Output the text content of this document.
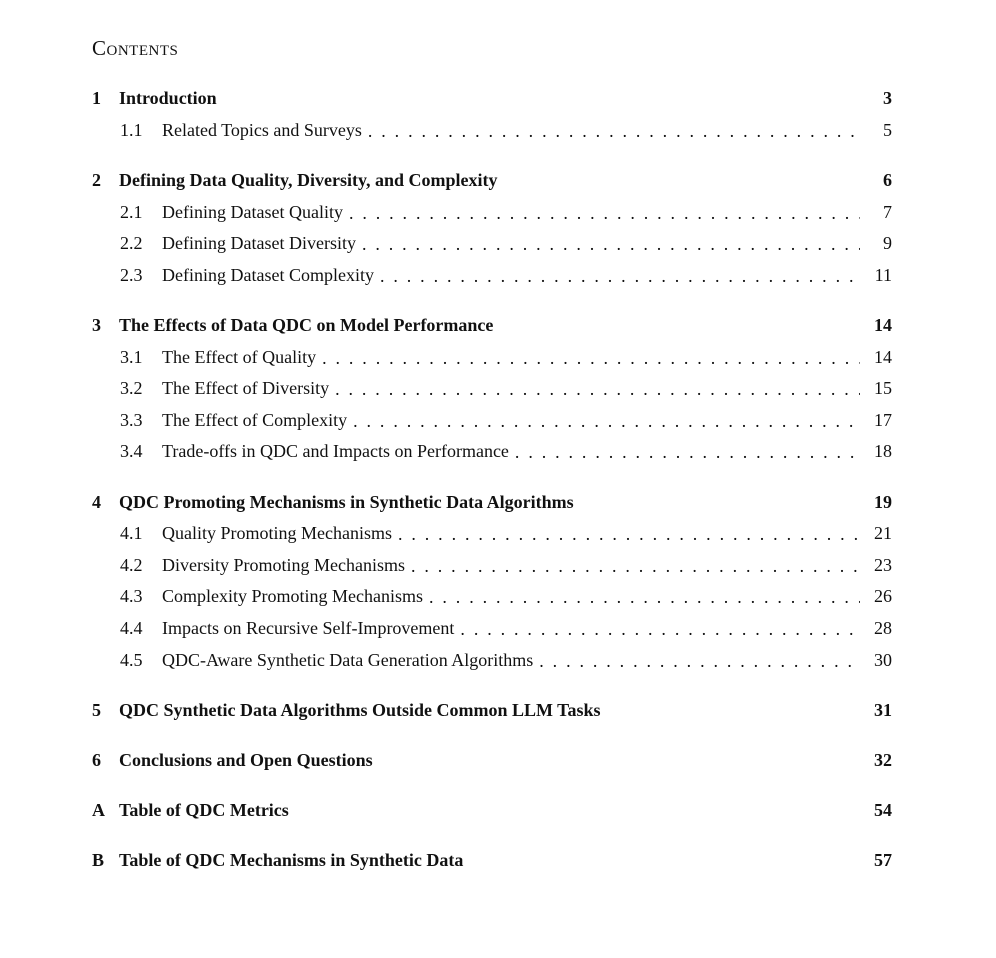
Contents
1	Introduction	3
1.1	Related Topics and Surveys . . .	5
2	Defining Data Quality, Diversity, and Complexity	6
2.1	Defining Dataset Quality . . .	7
2.2	Defining Dataset Diversity . . .	9
2.3	Defining Dataset Complexity . . .	11
3	The Effects of Data QDC on Model Performance	14
3.1	The Effect of Quality . . .	14
3.2	The Effect of Diversity . . .	15
3.3	The Effect of Complexity . . .	17
3.4	Trade-offs in QDC and Impacts on Performance . . .	18
4	QDC Promoting Mechanisms in Synthetic Data Algorithms	19
4.1	Quality Promoting Mechanisms . . .	21
4.2	Diversity Promoting Mechanisms . . .	23
4.3	Complexity Promoting Mechanisms . . .	26
4.4	Impacts on Recursive Self-Improvement . . .	28
4.5	QDC-Aware Synthetic Data Generation Algorithms . . .	30
5	QDC Synthetic Data Algorithms Outside Common LLM Tasks	31
6	Conclusions and Open Questions	32
A Table of QDC Metrics	54
B Table of QDC Mechanisms in Synthetic Data	57
